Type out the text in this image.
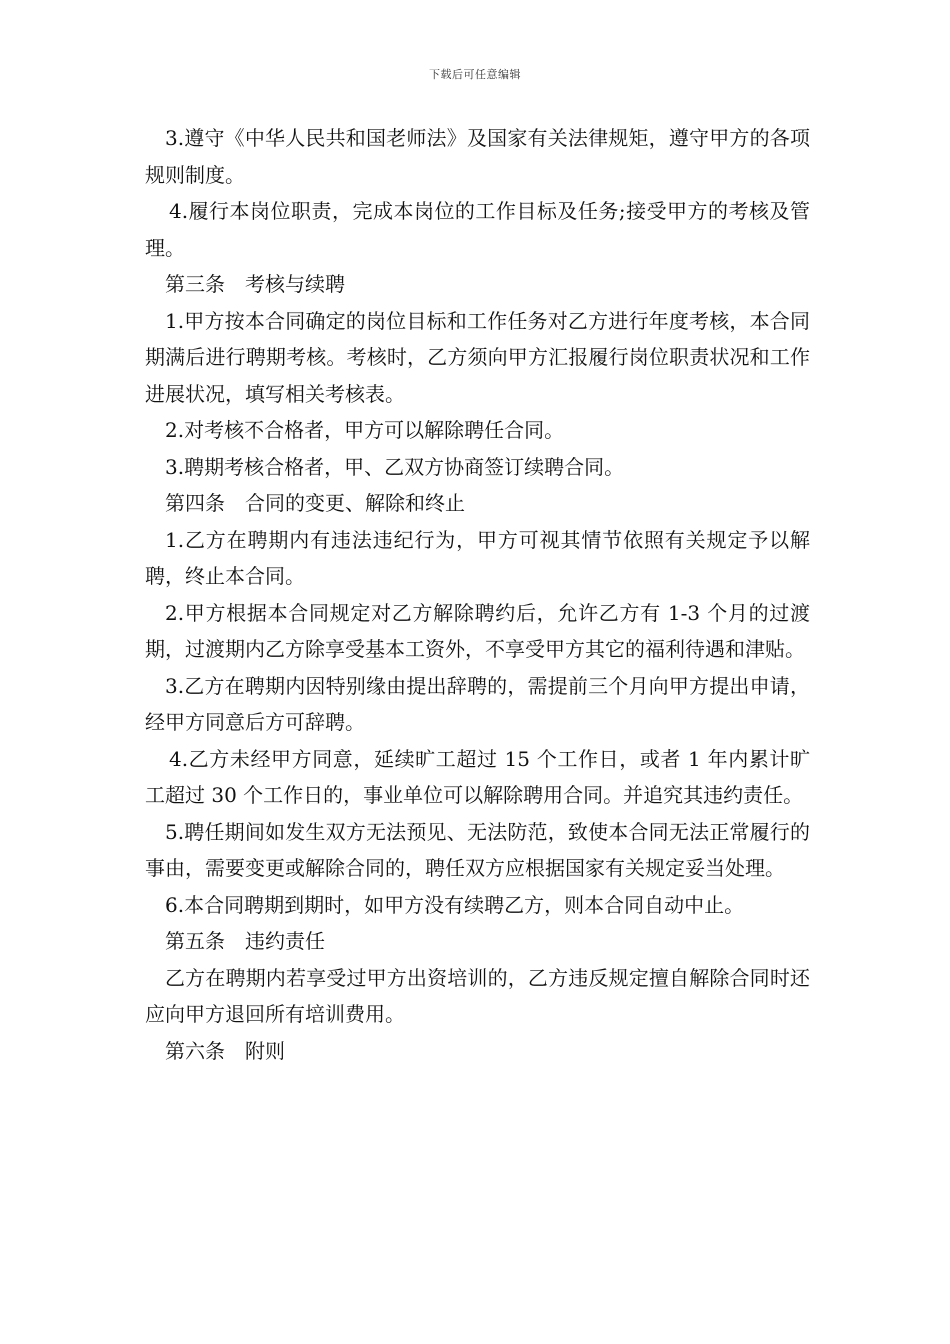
下载后可任意编辑

3.遵守《中华人民共和国老师法》及国家有关法律规矩，遵守甲方的各项规则制度。

4.履行本岗位职责，完成本岗位的工作目标及任务;接受甲方的考核及管理。

第三条　考核与续聘

1.甲方按本合同确定的岗位目标和工作任务对乙方进行年度考核，本合同期满后进行聘期考核。考核时，乙方须向甲方汇报履行岗位职责状况和工作进展状况，填写相关考核表。

2.对考核不合格者，甲方可以解除聘任合同。

3.聘期考核合格者，甲、乙双方协商签订续聘合同。

第四条　合同的变更、解除和终止

1.乙方在聘期内有违法违纪行为，甲方可视其情节依照有关规定予以解聘，终止本合同。

2.甲方根据本合同规定对乙方解除聘约后，允许乙方有 1-3 个月的过渡期，过渡期内乙方除享受基本工资外，不享受甲方其它的福利待遇和津贴。

3.乙方在聘期内因特别缘由提出辞聘的，需提前三个月向甲方提出申请，经甲方同意后方可辞聘。

4.乙方未经甲方同意，延续旷工超过 15 个工作日，或者 1 年内累计旷工超过 30 个工作日的，事业单位可以解除聘用合同。并追究其违约责任。

5.聘任期间如发生双方无法预见、无法防范，致使本合同无法正常履行的事由，需要变更或解除合同的，聘任双方应根据国家有关规定妥当处理。

6.本合同聘期到期时，如甲方没有续聘乙方，则本合同自动中止。

第五条　违约责任

乙方在聘期内若享受过甲方出资培训的，乙方违反规定擅自解除合同时还应向甲方退回所有培训费用。

第六条　附则
